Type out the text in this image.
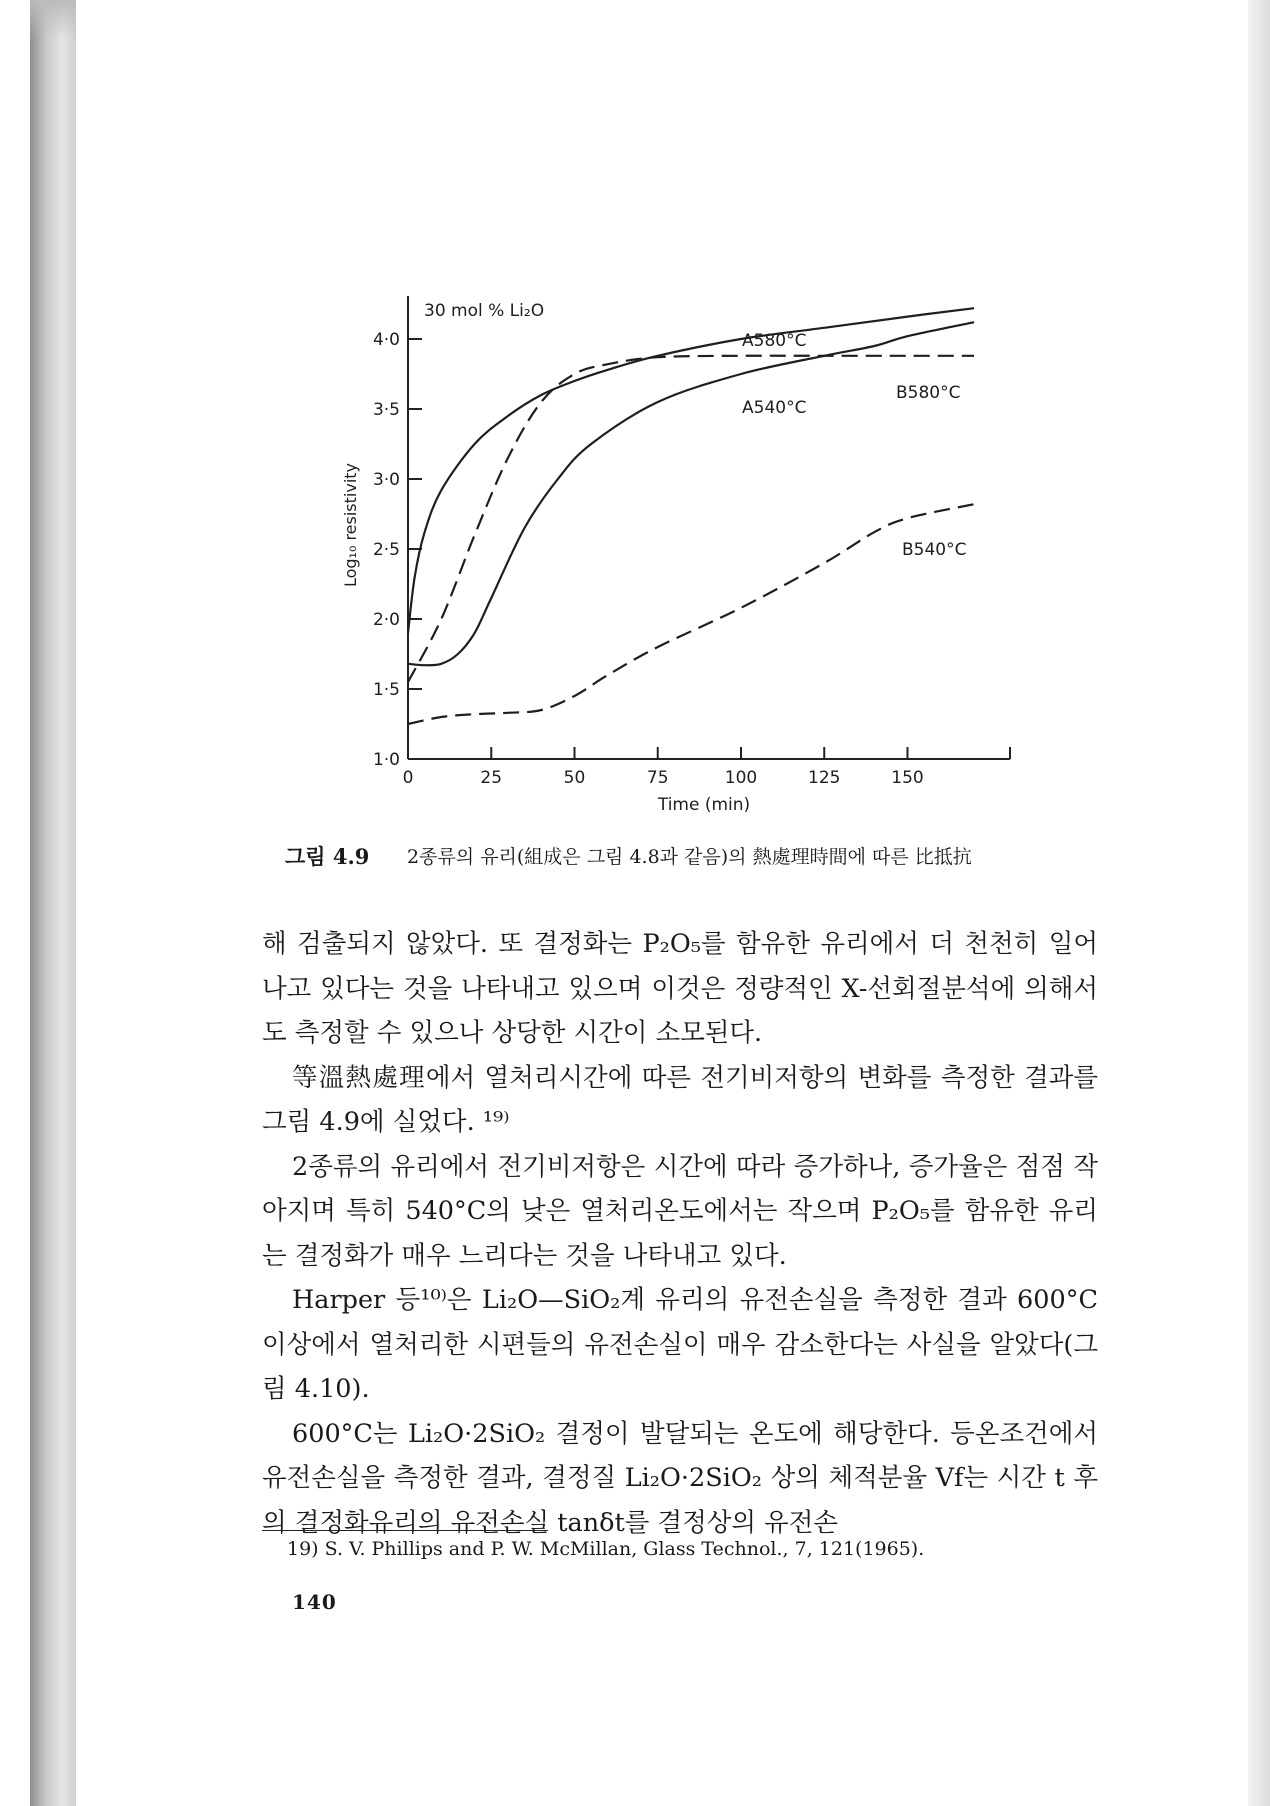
1·0
1·5
2·0
2·5
3·0
3·5
4·0
0	25	50	75	100	125	150
30 mol % Li₂O
Time (min)
Log₁₀ resistivity
A580°C
B580°C
A540°C
B540°C
그림 4.9 2종류의 유리(組成은 그림 4.8과 같음)의 熱處理時間에 따른 比抵抗

해 검출되지 않았다. 또 결정화는 P₂O₅를 함유한 유리에서 더 천천히 일어나고 있다는 것을 나타내고 있으며 이것은 정량적인 X-선회절분석에 의해서도 측정할 수 있으나 상당한 시간이 소모된다.

等溫熱處理에서 열처리시간에 따른 전기비저항의 변화를 측정한 결과를 그림 4.9에 실었다. ¹⁹⁾

2종류의 유리에서 전기비저항은 시간에 따라 증가하나, 증가율은 점점 작아지며 특히 540°C의 낮은 열처리온도에서는 작으며 P₂O₅를 함유한 유리는 결정화가 매우 느리다는 것을 나타내고 있다.

Harper 등¹⁰⁾은 Li₂O—SiO₂계 유리의 유전손실을 측정한 결과 600°C 이상에서 열처리한 시편들의 유전손실이 매우 감소한다는 사실을 알았다(그림 4.10).

600°C는 Li₂O·2SiO₂ 결정이 발달되는 온도에 해당한다. 등온조건에서 유전손실을 측정한 결과, 결정질 Li₂O·2SiO₂ 상의 체적분율 Vf는 시간 t 후의 결정화유리의 유전손실 tanδt를 결정상의 유전손

19) S. V. Phillips and P. W. McMillan, Glass Technol., 7, 121(1965).
140
